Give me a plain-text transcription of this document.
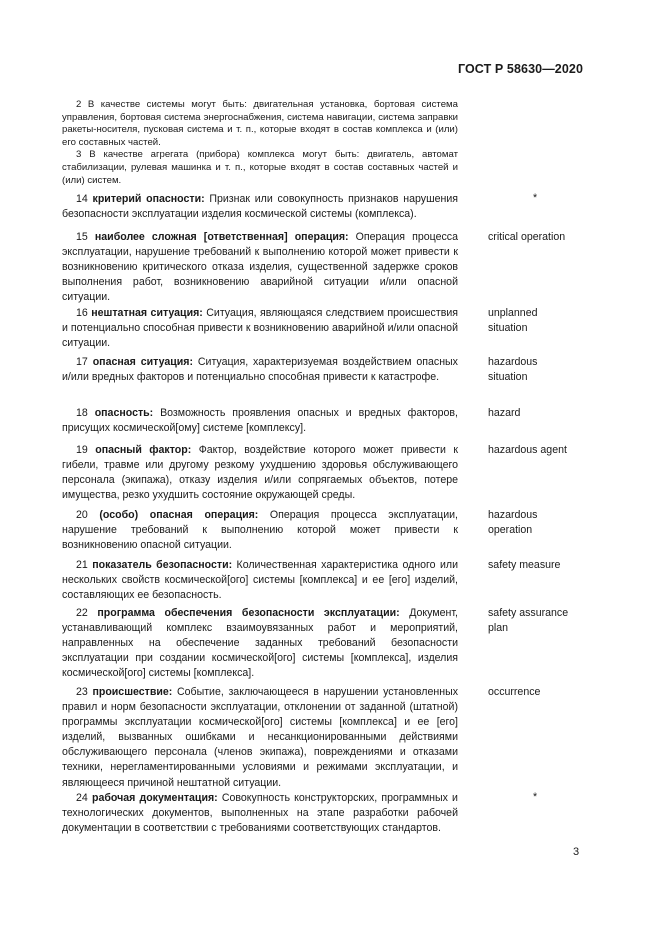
ГОСТ Р 58630—2020

2 В качестве системы могут быть: двигательная установка, бортовая система управления, бортовая система энергоснабжения, система навигации, система заправки ракеты-носителя, пусковая система и т. п., которые входят в состав комплекса и (или) его составных частей.

3 В качестве агрегата (прибора) комплекса могут быть: двигатель, автомат стабилизации, рулевая машинка и т. п., которые входят в состав составных частей и (или) систем.

14 критерий опасности: Признак или совокупность признаков нарушения безопасности эксплуатации изделия космической системы (комплекса).
*
15 наиболее сложная [ответственная] операция: Операция процесса эксплуатации, нарушение требований к выполнению которой может привести к возникновению критического отказа изделия, существенной задержке сроков выполнения работ, возникновению аварийной ситуации и/или опасной ситуации.
critical operation
16 нештатная ситуация: Ситуация, являющаяся следствием происшествия и потенциально способная привести к возникновению аварийной и/или опасной ситуации.
unplanned situation
17 опасная ситуация: Ситуация, характеризуемая воздействием опасных и/или вредных факторов и потенциально способная привести к катастрофе.
hazardous situation
18 опасность: Возможность проявления опасных и вредных факторов, присущих космической[ому] системе [комплексу].
hazard
19 опасный фактор: Фактор, воздействие которого может привести к гибели, травме или другому резкому ухудшению здоровья обслуживающего персонала (экипажа), отказу изделия и/или сопрягаемых объектов, потере имущества, резко ухудшить состояние окружающей среды.
hazardous agent
20 (особо) опасная операция: Операция процесса эксплуатации, нарушение требований к выполнению которой может привести к возникновению опасной ситуации.
hazardous operation
21 показатель безопасности: Количественная характеристика одного или нескольких свойств космической[ого] системы [комплекса] и ее [его] изделий, составляющих ее безопасность.
safety measure
22 программа обеспечения безопасности эксплуатации: Документ, устанавливающий комплекс взаимоувязанных работ и мероприятий, направленных на обеспечение заданных требований безопасности эксплуатации при создании космической[ого] системы [комплекса], изделия космической[ого] системы [комплекса].
safety assurance plan
23 происшествие: Событие, заключающееся в нарушении установленных правил и норм безопасности эксплуатации, отклонении от заданной (штатной) программы эксплуатации космической[ого] системы [комплекса] и ее [его] изделий, вызванных ошибками и несанкционированными действиями обслуживающего персонала (членов экипажа), повреждениями и отказами техники, нерегламентированными условиями и режимами эксплуатации, и являющееся причиной нештатной ситуации.
occurrence
24 рабочая документация: Совокупность конструкторских, программных и технологических документов, выполненных на этапе разработки рабочей документации в соответствии с требованиями соответствующих стандартов.
*
3
